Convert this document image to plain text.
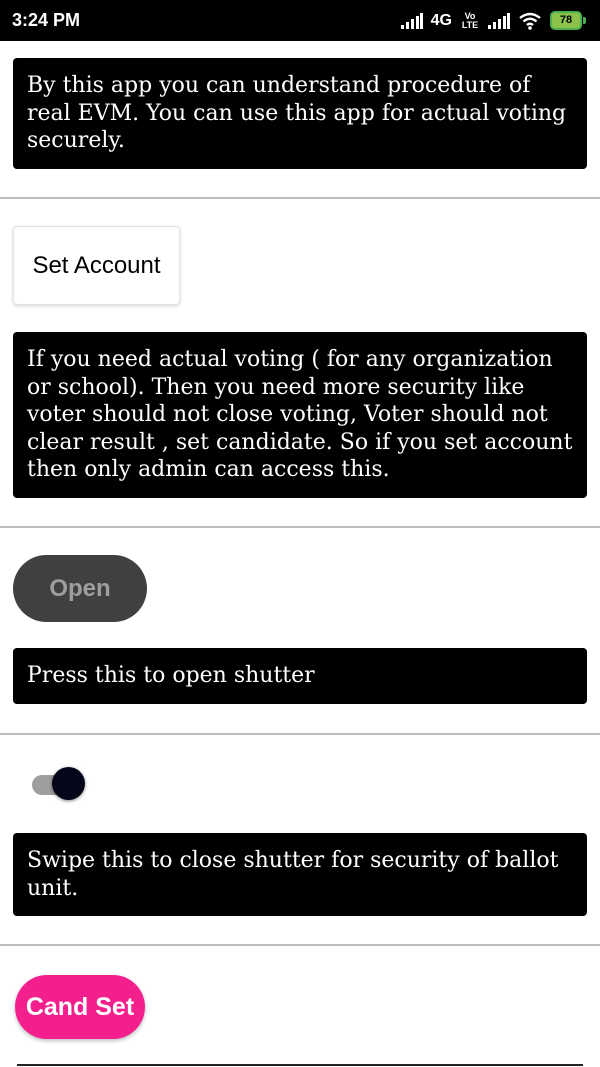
3:24 PM	4G	Vo LTE	78
By this app you can understand procedure of real EVM. You can use this app for actual voting securely.
Set Account
If you need actual voting ( for any organization or school). Then you need more security like voter should not close voting, Voter should not clear result , set candidate. So if you set account then only admin can access this.
Open
Press this to open shutter
Swipe this to close shutter for security of ballot unit.
Cand Set
